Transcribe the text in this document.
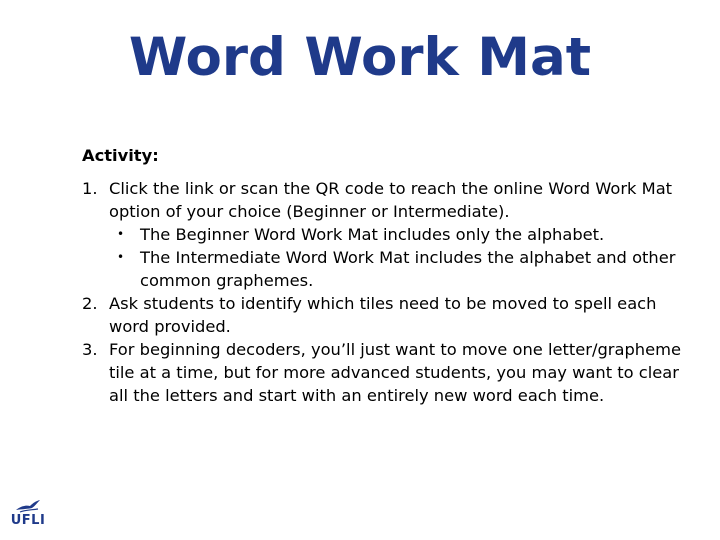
Word Work Mat
Activity:
1. Click the link or scan the QR code to reach the online Word Work Mat option of your choice (Beginner or Intermediate).
• The Beginner Word Work Mat includes only the alphabet.
• The Intermediate Word Work Mat includes the alphabet and other common graphemes.
2. Ask students to identify which tiles need to be moved to spell each word provided.
3. For beginning decoders, you’ll just want to move one letter/grapheme tile at a time, but for more advanced students, you may want to clear all the letters and start with an entirely new word each time.
UFLI
